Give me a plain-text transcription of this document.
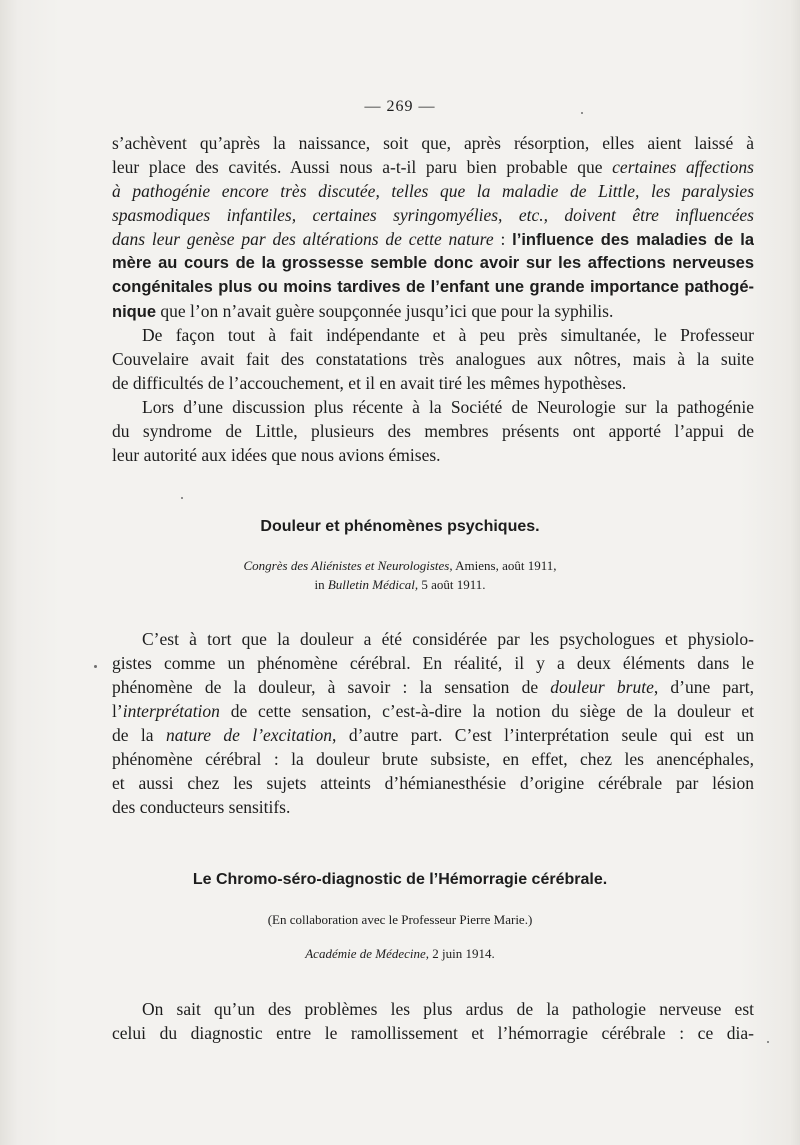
— 269 —
s’achèvent qu’après la naissance, soit que, après résorption, elles aient laissé à
leur place des cavités. Aussi nous a-t-il paru bien probable que certaines affections
à pathogénie encore très discutée, telles que la maladie de Little, les paralysies
spasmodiques infantiles, certaines syringomyélies, etc., doivent être influencées
dans leur genèse par des altérations de cette nature : l’influence des maladies de la
mère au cours de la grossesse semble donc avoir sur les affections nerveuses
congénitales plus ou moins tardives de l’enfant une grande importance pathogé-
nique que l’on n’avait guère soupçonnée jusqu’ici que pour la syphilis.
De façon tout à fait indépendante et à peu près simultanée, le Professeur
Couvelaire avait fait des constatations très analogues aux nôtres, mais à la suite
de difficultés de l’accouchement, et il en avait tiré les mêmes hypothèses.
Lors d’une discussion plus récente à la Société de Neurologie sur la pathogénie
du syndrome de Little, plusieurs des membres présents ont apporté l’appui de
leur autorité aux idées que nous avions émises.
Douleur et phénomènes psychiques.
Congrès des Aliénistes et Neurologistes, Amiens, août 1911,
in Bulletin Médical, 5 août 1911.
C’est à tort que la douleur a été considérée par les psychologues et physiolo-
gistes comme un phénomène cérébral. En réalité, il y a deux éléments dans le
phénomène de la douleur, à savoir : la sensation de douleur brute, d’une part,
l’interprétation de cette sensation, c’est-à-dire la notion du siège de la douleur et
de la nature de l’excitation, d’autre part. C’est l’interprétation seule qui est un
phénomène cérébral : la douleur brute subsiste, en effet, chez les anencéphales,
et aussi chez les sujets atteints d’hémianesthésie d’origine cérébrale par lésion
des conducteurs sensitifs.
Le Chromo-séro-diagnostic de l’Hémorragie cérébrale.
(En collaboration avec le Professeur Pierre Marie.)
Académie de Médecine, 2 juin 1914.
On sait qu’un des problèmes les plus ardus de la pathologie nerveuse est
celui du diagnostic entre le ramollissement et l’hémorragie cérébrale : ce dia-
